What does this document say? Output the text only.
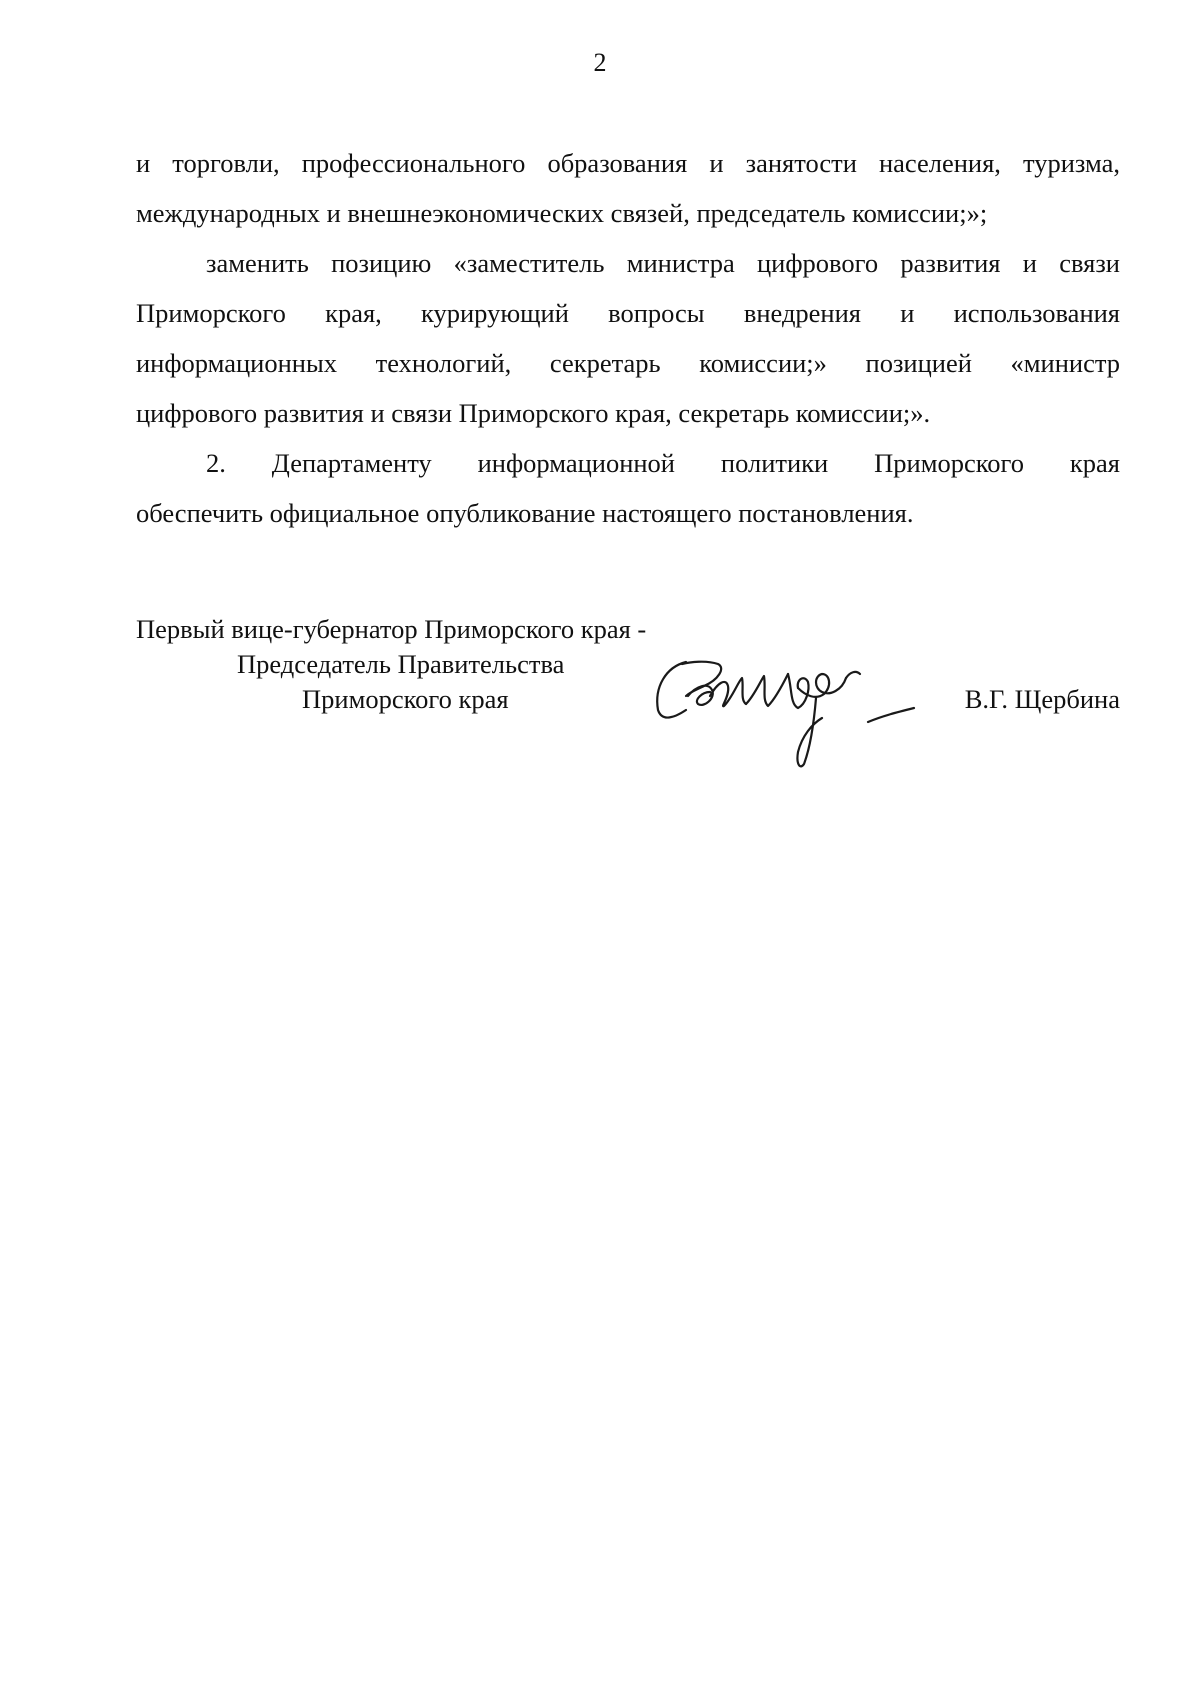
2
и торговли, профессионального образования и занятости населения, туризма,
международных и внешнеэкономических связей, председатель комиссии;»;
заменить позицию «заместитель министра цифрового развития и связи
Приморского края, курирующий вопросы внедрения и использования
информационных технологий, секретарь комиссии;» позицией «министр
цифрового развития и связи Приморского края, секретарь комиссии;».
2. Департаменту информационной политики Приморского края
обеспечить официальное опубликование настоящего постановления.
Первый вице-губернатор Приморского края -
Председатель Правительства
Приморского края	В.Г. Щербина
